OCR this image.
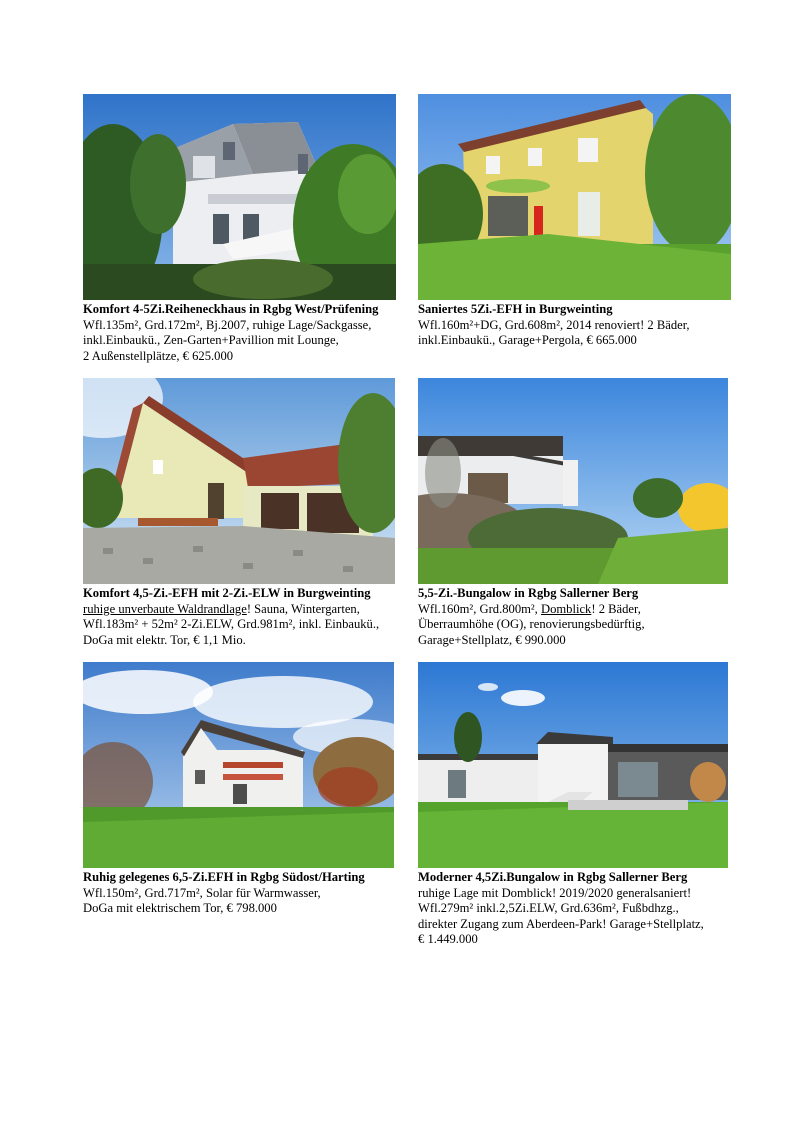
Komfort 4-5Zi.Reiheneckhaus in Rgbg West/Prüfening
Wfl.135m², Grd.172m², Bj.2007, ruhige Lage/Sackgasse,
inkl.Einbaukü., Zen-Garten+Pavillion mit Lounge,
2 Außenstellplätze, € 625.000
Saniertes 5Zi.-EFH in Burgweinting
Wfl.160m²+DG, Grd.608m², 2014 renoviert! 2 Bäder,
inkl.Einbaukü., Garage+Pergola, € 665.000
Komfort 4,5-Zi.-EFH mit 2-Zi.-ELW in Burgweinting
ruhige unverbaute Waldrandlage! Sauna, Wintergarten,
Wfl.183m² + 52m² 2-Zi.ELW, Grd.981m², inkl. Einbaukü.,
DoGa mit elektr. Tor, € 1,1 Mio.
5,5-Zi.-Bungalow in Rgbg Sallerner Berg
Wfl.160m², Grd.800m², Domblick! 2 Bäder,
Überraumhöhe (OG), renovierungsbedürftig,
Garage+Stellplatz, € 990.000
Ruhig gelegenes 6,5-Zi.EFH in Rgbg Südost/Harting
Wfl.150m², Grd.717m², Solar für Warmwasser,
DoGa mit elektrischem Tor, € 798.000
Moderner 4,5Zi.Bungalow in Rgbg Sallerner Berg
ruhige Lage mit Domblick! 2019/2020 generalsaniert!
Wfl.279m² inkl.2,5Zi.ELW, Grd.636m², Fußbdhzg.,
direkter Zugang zum Aberdeen-Park! Garage+Stellplatz,
€ 1.449.000
